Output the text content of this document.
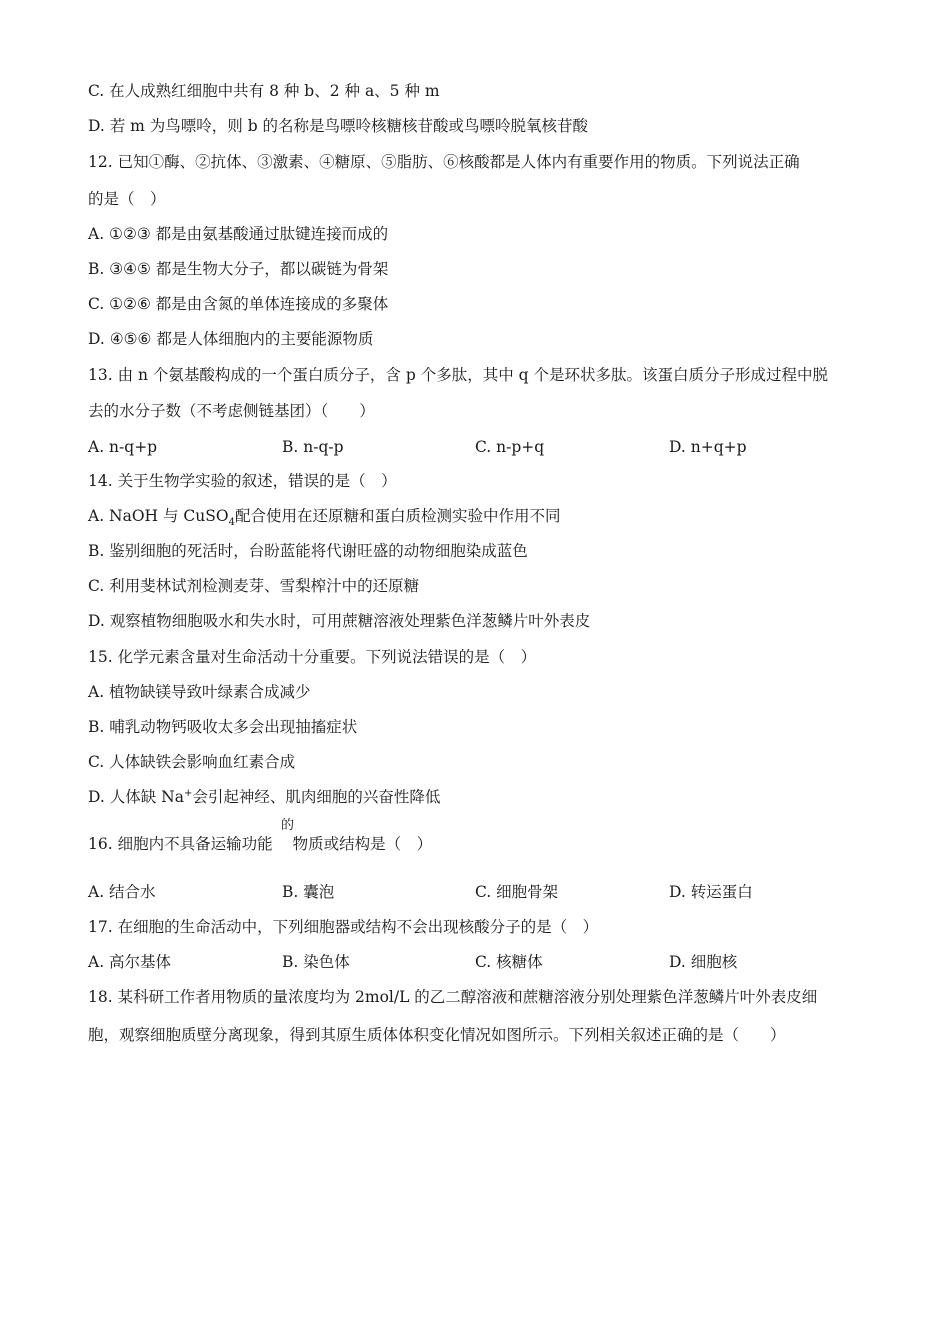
C. 在人成熟红细胞中共有 8 种 b、2 种 a、5 种 m
D. 若 m 为鸟嘌呤，则 b 的名称是鸟嘌呤核糖核苷酸或鸟嘌呤脱氧核苷酸
12. 已知①酶、②抗体、③激素、④糖原、⑤脂肪、⑥核酸都是人体内有重要作用的物质。下列说法正确
的是（　）
A. ①②③ 都是由氨基酸通过肽键连接而成的
B. ③④⑤ 都是生物大分子，都以碳链为骨架
C. ①②⑥ 都是由含氮的单体连接成的多聚体
D. ④⑤⑥ 都是人体细胞内的主要能源物质
13. 由 n 个氨基酸构成的一个蛋白质分子，含 p 个多肽，其中 q 个是环状多肽。该蛋白质分子形成过程中脱
去的水分子数（不考虑侧链基团）（　　）
A. n-q+p	B. n-q-p	C. n-p+q	D. n+q+p
14. 关于生物学实验的叙述，错误的是（　）
A. NaOH 与 CuSO$_4$配合使用在还原糖和蛋白质检测实验中作用不同
B. 鉴别细胞的死活时，台盼蓝能将代谢旺盛的动物细胞染成蓝色
C. 利用斐林试剂检测麦芽、雪梨榨汁中的还原糖
D. 观察植物细胞吸水和失水时，可用蔗糖溶液处理紫色洋葱鳞片叶外表皮
15. 化学元素含量对生命活动十分重要。下列说法错误的是（　）
A. 植物缺镁导致叶绿素合成减少
B. 哺乳动物钙吸收太多会出现抽搐症状
C. 人体缺铁会影响血红素合成
D. 人体缺 Na+会引起神经、肌肉细胞的兴奋性降低
16. 细胞内不具备运输功能 物质或结构是（　）
的
A. 结合水	B. 囊泡	C. 细胞骨架	D. 转运蛋白
17. 在细胞的生命活动中，下列细胞器或结构不会出现核酸分子的是（　）
A. 高尔基体	B. 染色体	C. 核糖体	D. 细胞核
18. 某科研工作者用物质的量浓度均为 2mol/L 的乙二醇溶液和蔗糖溶液分别处理紫色洋葱鳞片叶外表皮细
胞，观察细胞质壁分离现象，得到其原生质体体积变化情况如图所示。下列相关叙述正确的是（　　）
